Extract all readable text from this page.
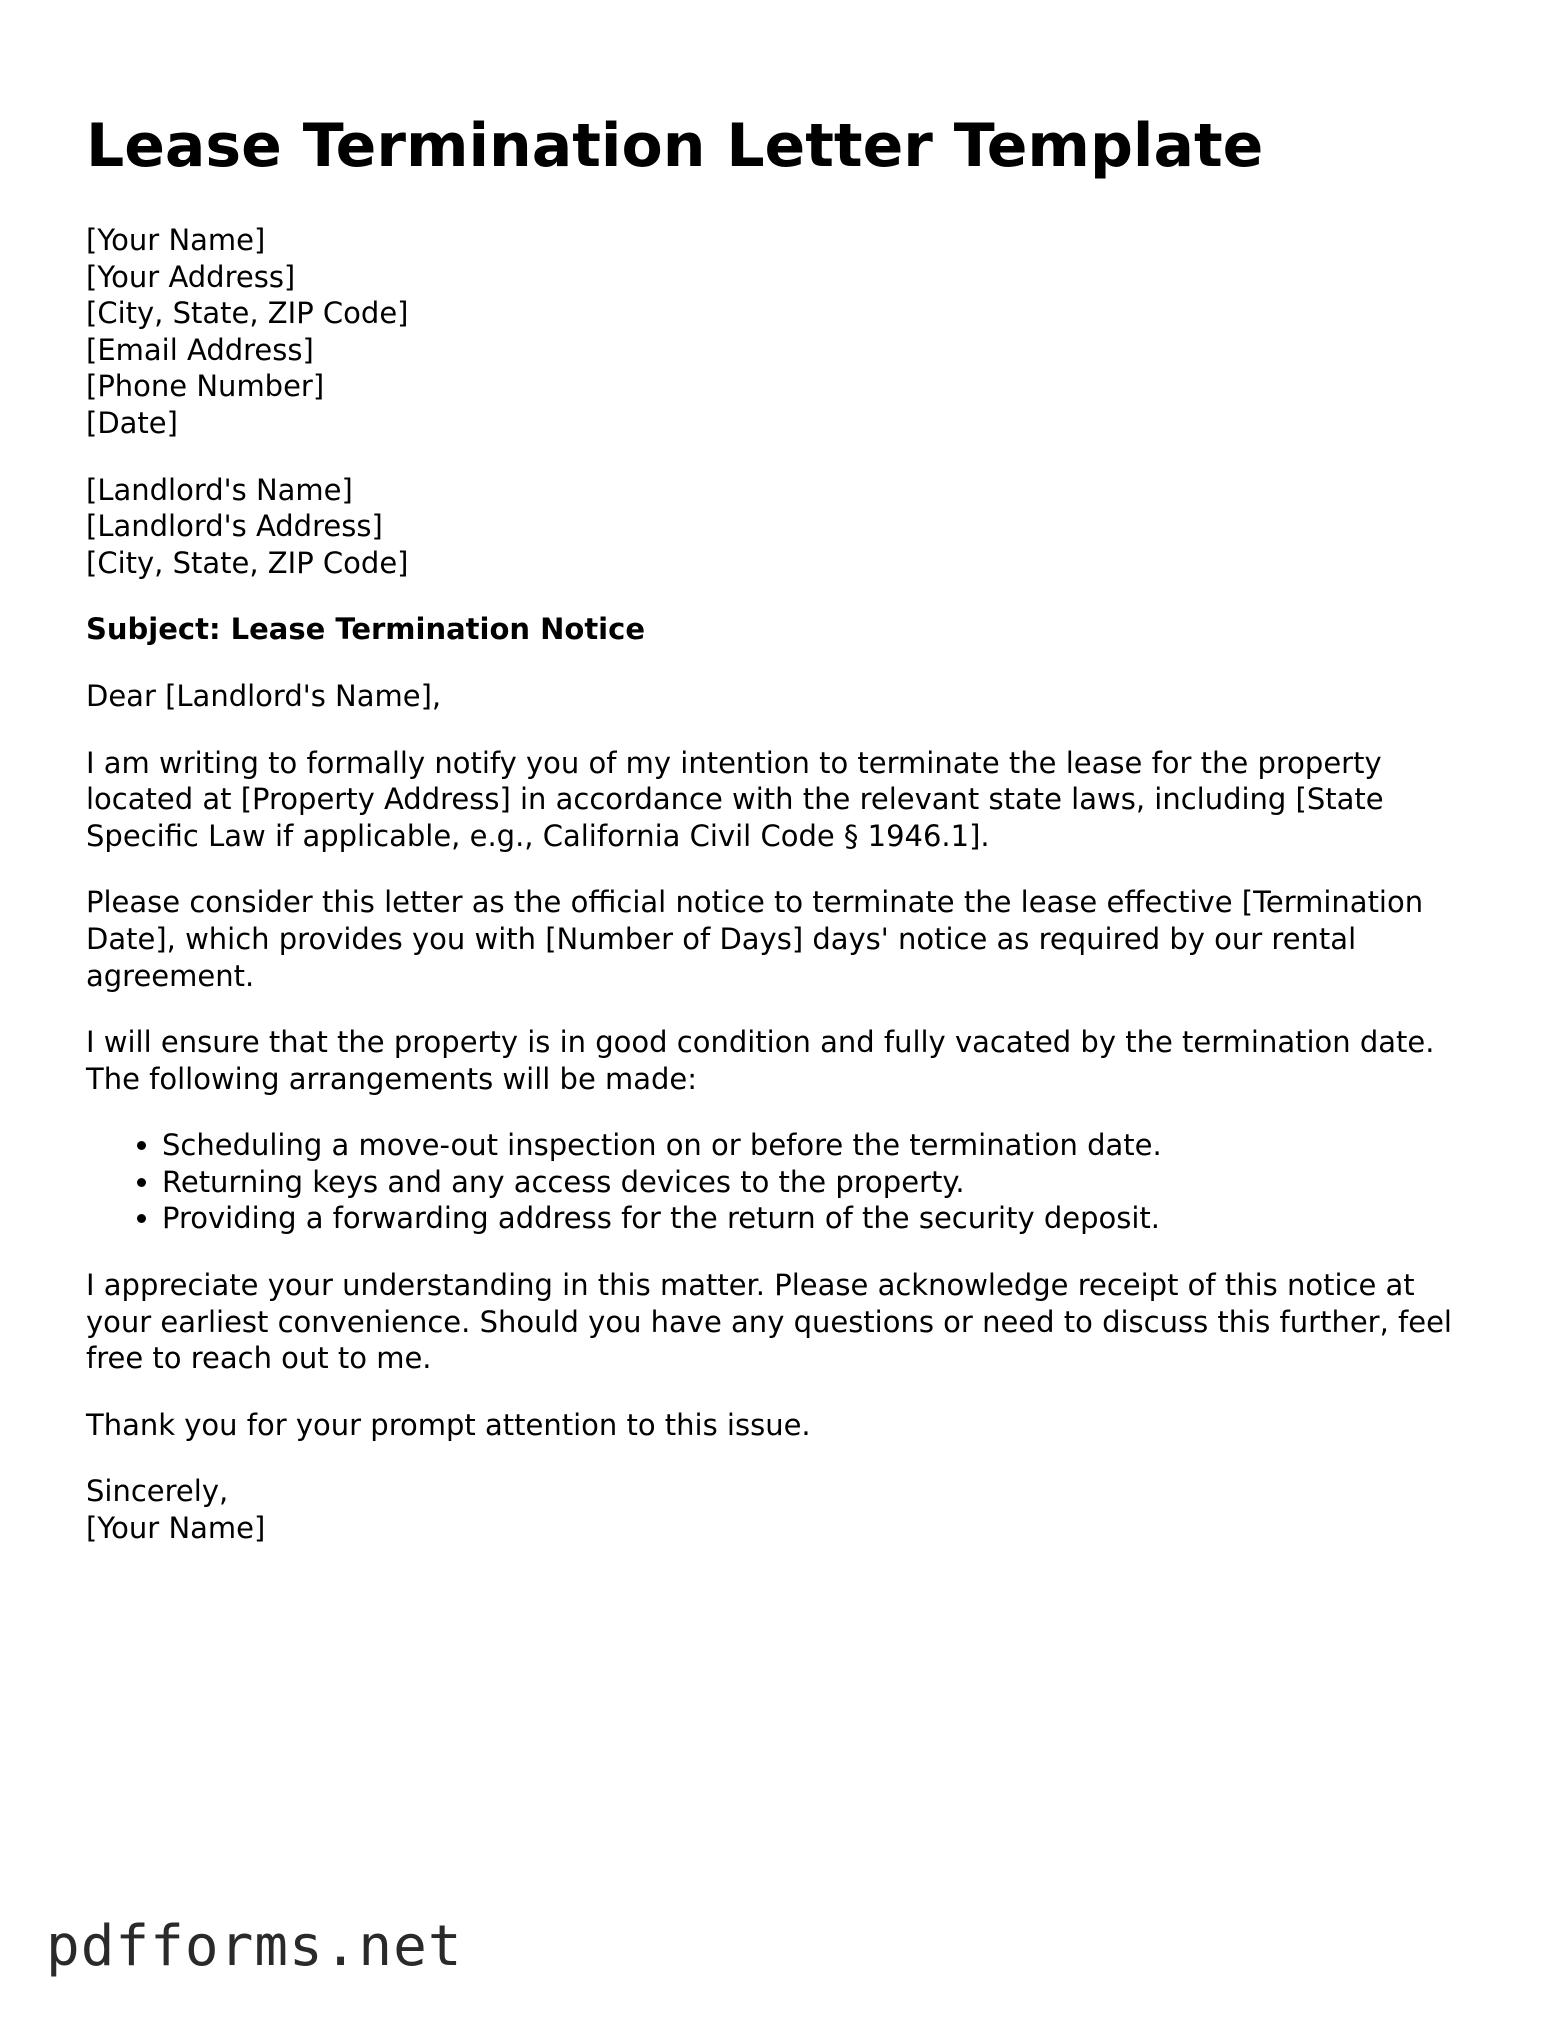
Lease Termination Letter Template
[Your Name]
[Your Address]
[City, State, ZIP Code]
[Email Address]
[Phone Number]
[Date]
[Landlord's Name]
[Landlord's Address]
[City, State, ZIP Code]

Subject: Lease Termination Notice

Dear [Landlord's Name],

I am writing to formally notify you of my intention to terminate the lease for the property located at [Property Address] in accordance with the relevant state laws, including [State Specific Law if applicable, e.g., California Civil Code § 1946.1].

Please consider this letter as the official notice to terminate the lease effective [Termination Date], which provides you with [Number of Days] days' notice as required by our rental agreement.

I will ensure that the property is in good condition and fully vacated by the termination date. The following arrangements will be made:

• Scheduling a move-out inspection on or before the termination date.
• Returning keys and any access devices to the property.
• Providing a forwarding address for the return of the security deposit.

I appreciate your understanding in this matter. Please acknowledge receipt of this notice at your earliest convenience. Should you have any questions or need to discuss this further, feel free to reach out to me.

Thank you for your prompt attention to this issue.

Sincerely,
[Your Name]
pdfforms.net
